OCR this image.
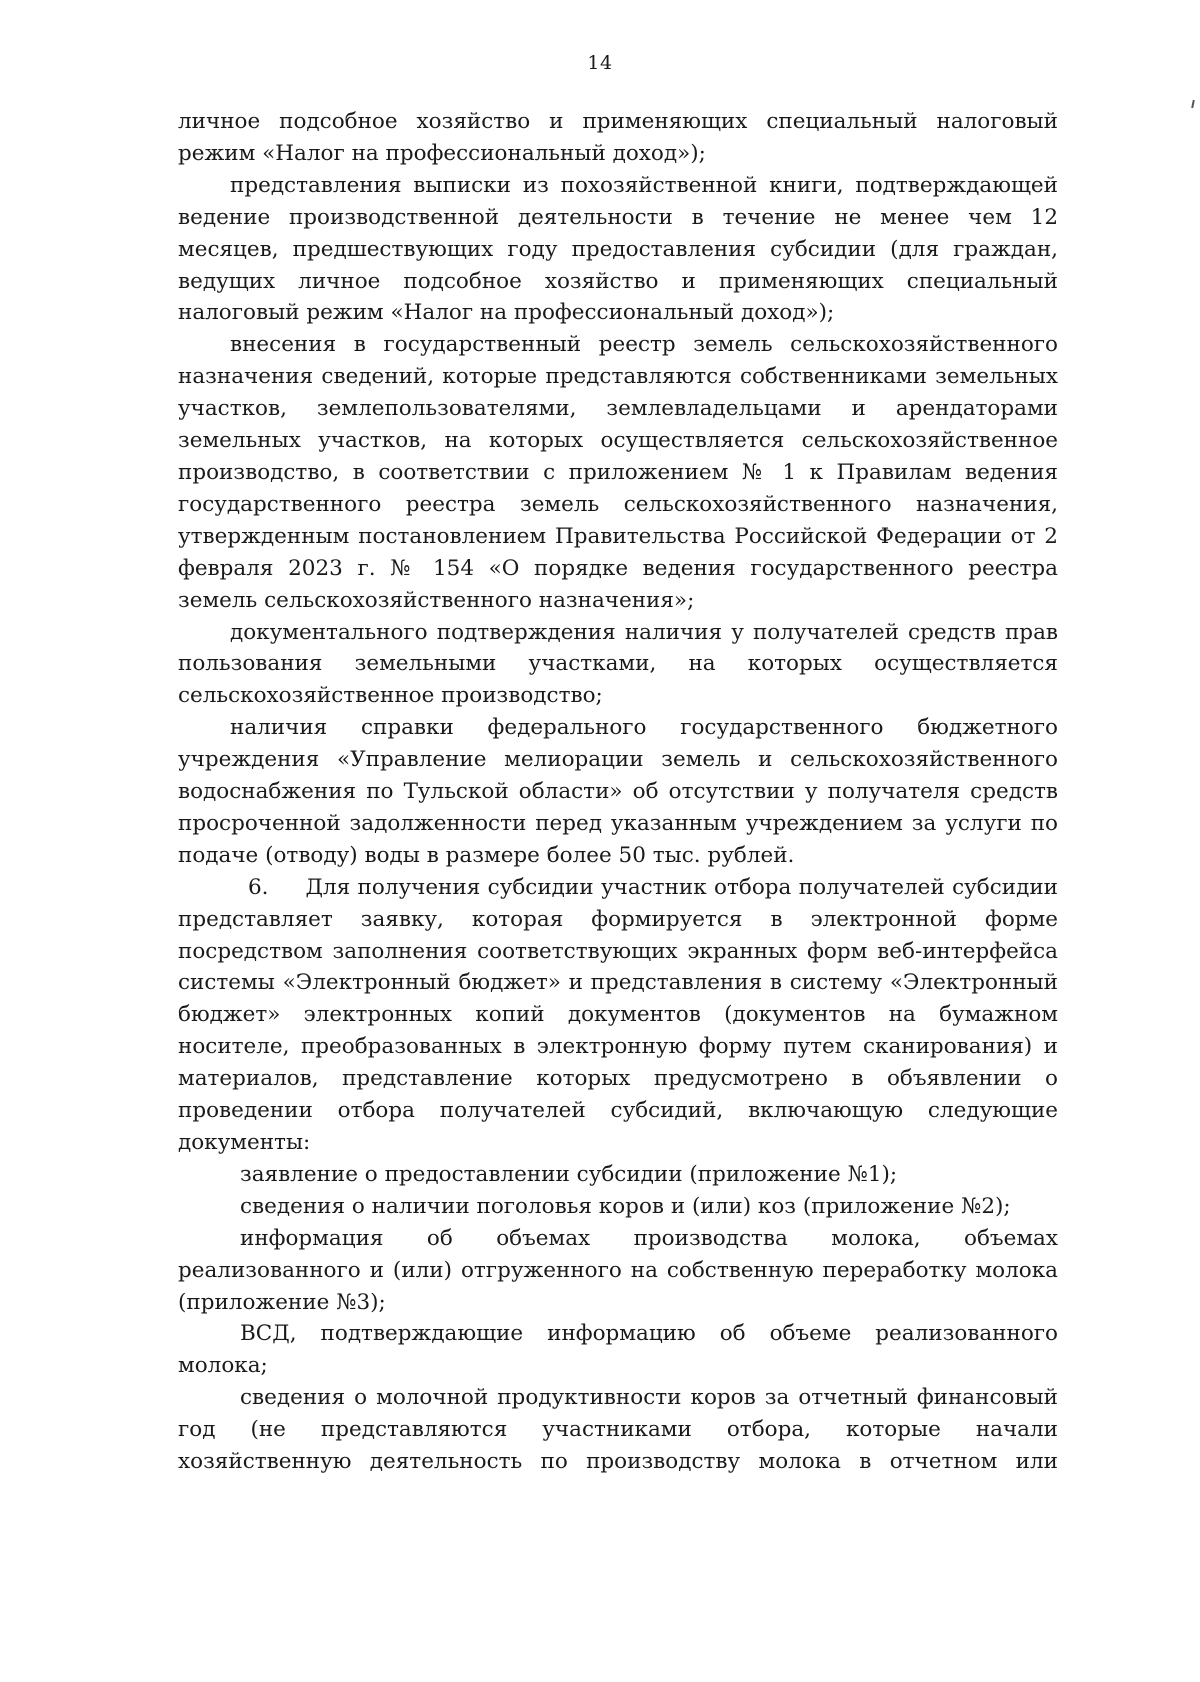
14

личное подсобное хозяйство и применяющих специальный налоговый режим «Налог на профессиональный доход»);

представления выписки из похозяйственной книги, подтверждающей ведение производственной деятельности в течение не менее чем 12 месяцев, предшествующих году предоставления субсидии (для граждан, ведущих личное подсобное хозяйство и применяющих специальный налоговый режим «Налог на профессиональный доход»);

внесения в государственный реестр земель сельскохозяйственного назначения сведений, которые представляются собственниками земельных участков, землепользователями, землевладельцами и арендаторами земельных участков, на которых осуществляется сельскохозяйственное производство, в соответствии с приложением № 1 к Правилам ведения государственного реестра земель сельскохозяйственного назначения, утвержденным постановлением Правительства Российской Федерации от 2 февраля 2023 г. № 154 «О порядке ведения государственного реестра земель сельскохозяйственного назначения»;

документального подтверждения наличия у получателей средств прав пользования земельными участками, на которых осуществляется сельскохозяйственное производство;

наличия справки федерального государственного бюджетного учреждения «Управление мелиорации земель и сельскохозяйственного водоснабжения по Тульской области» об отсутствии у получателя средств просроченной задолженности перед указанным учреждением за услуги по подаче (отводу) воды в размере более 50 тыс. рублей.

6.     Для получения субсидии участник отбора получателей субсидии представляет заявку, которая формируется в электронной форме посредством заполнения соответствующих экранных форм веб-интерфейса системы «Электронный бюджет» и представления в систему «Электронный бюджет» электронных копий документов (документов на бумажном носителе, преобразованных в электронную форму путем сканирования) и материалов, представление которых предусмотрено в объявлении о проведении отбора получателей субсидий, включающую следующие документы:

заявление о предоставлении субсидии (приложение №1);

сведения о наличии поголовья коров и (или) коз (приложение №2);

информация об объемах производства молока, объемах реализованного и (или) отгруженного на собственную переработку молока (приложение №3);

ВСД, подтверждающие информацию об объеме реализованного молока;

сведения о молочной продуктивности коров за отчетный финансовый год (не представляются участниками отбора, которые начали хозяйственную деятельность по производству молока в отчетном или
